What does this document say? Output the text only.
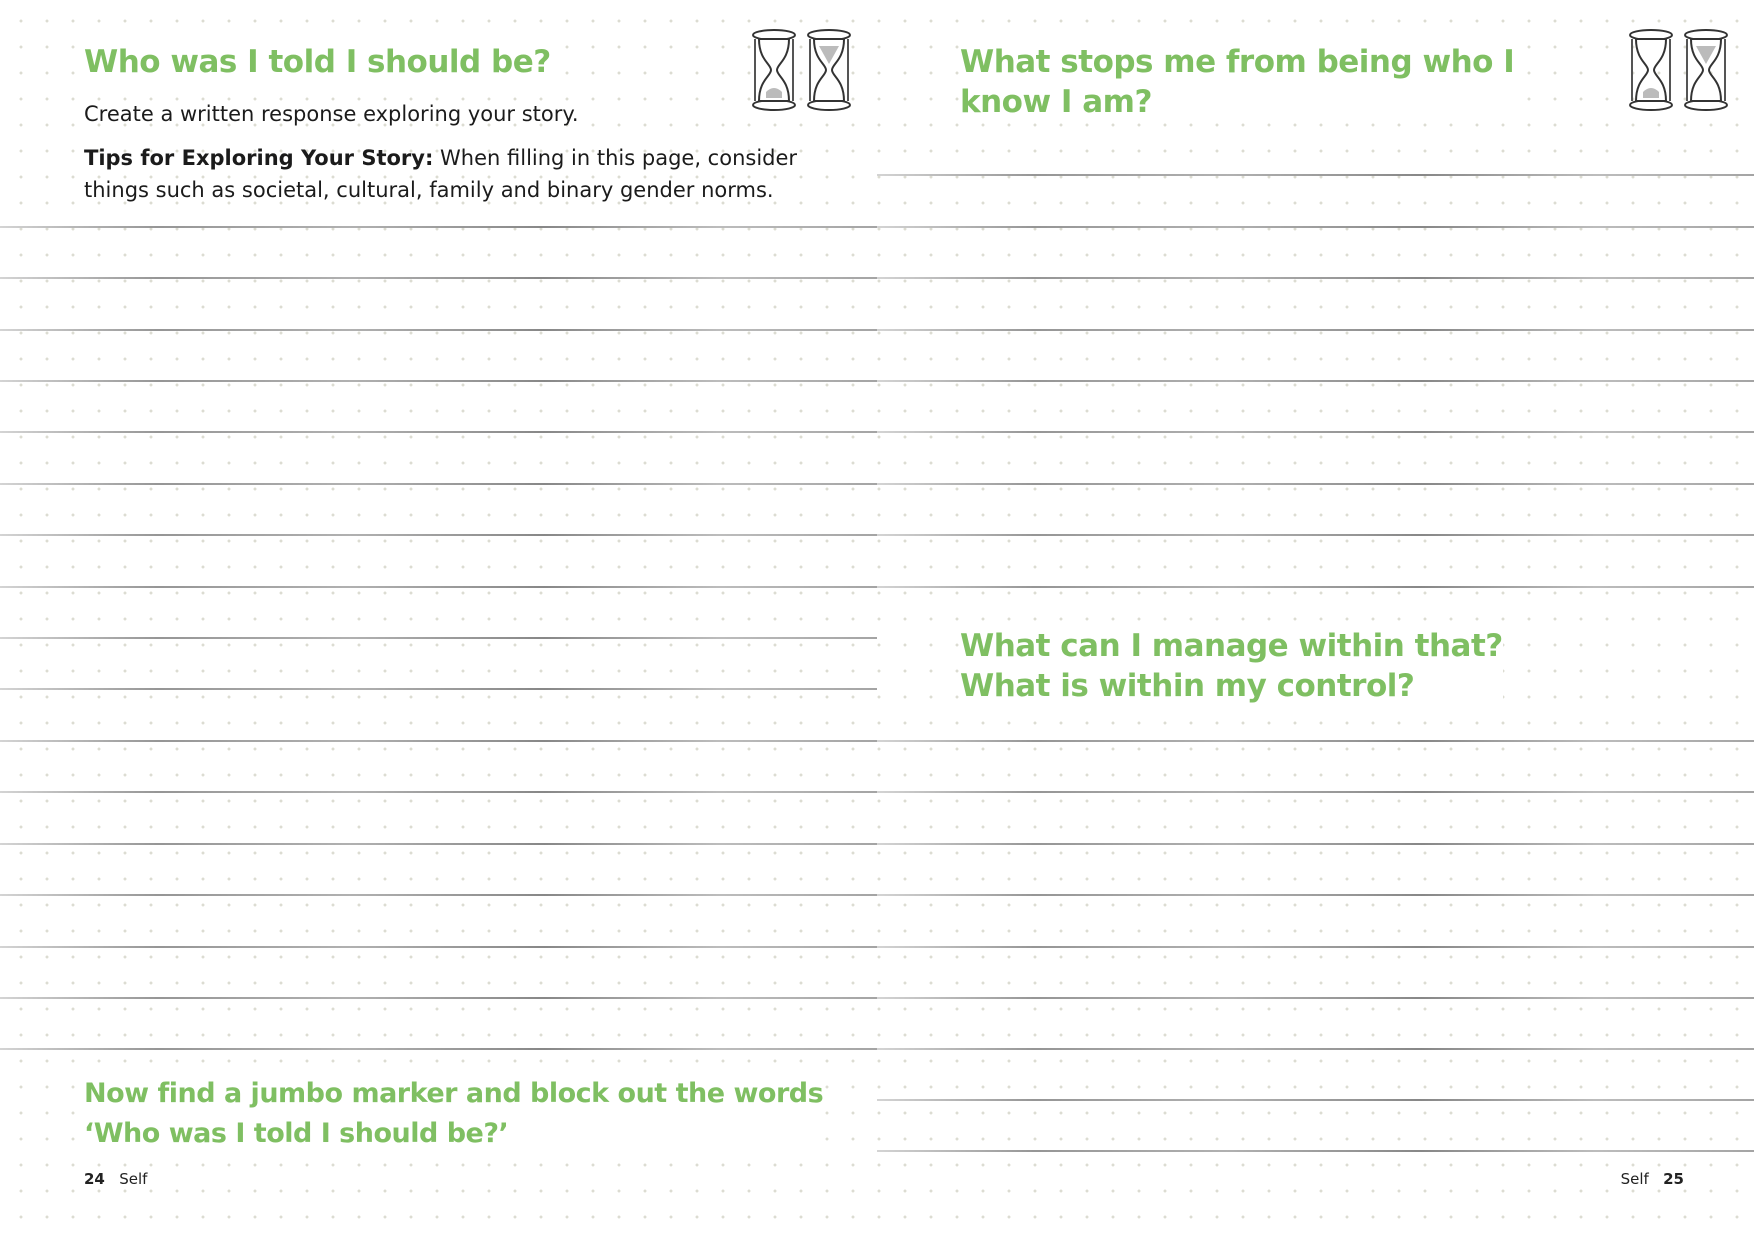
Who was I told I should be?

Create a written response exploring your story.

Tips for Exploring Your Story: When filling in this page, consider
things such as societal, cultural, family and binary gender norms.

Now find a jumbo marker and block out the words
‘Who was I told I should be?’
24 Self
What stops me from being who I
know I am?
What can I manage within that?
What is within my control?
Self 25
